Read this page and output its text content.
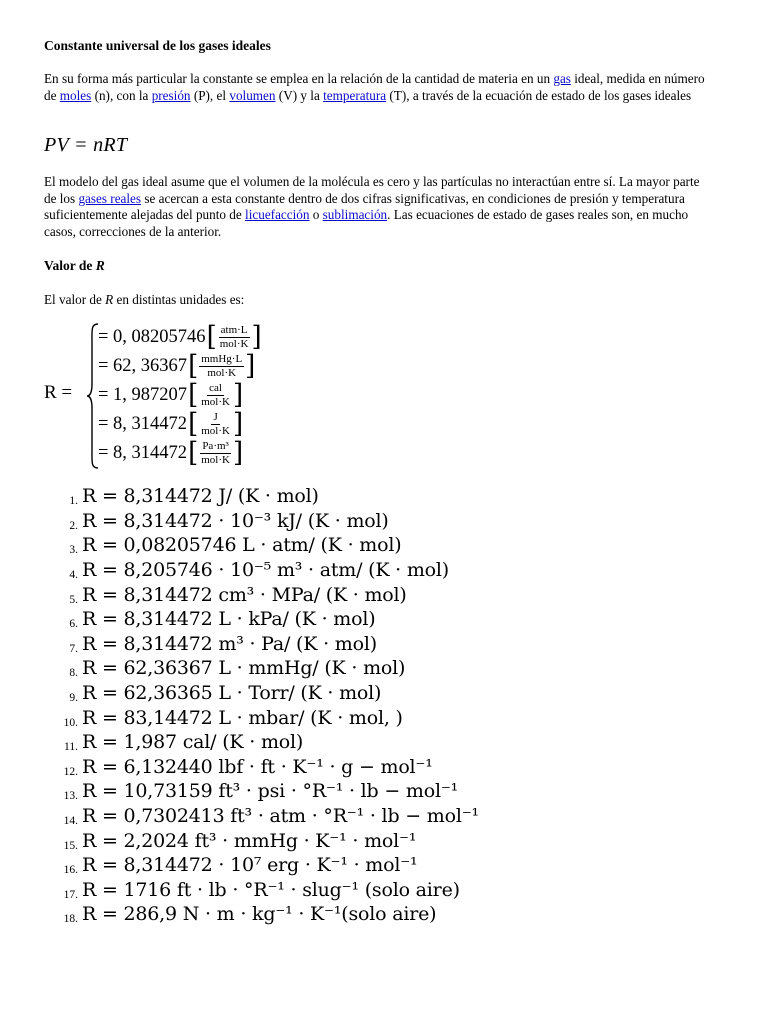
Constante universal de los gases ideales
En su forma más particular la constante se emplea en la relación de la cantidad de materia en un gas ideal, medida en número de moles (n), con la presión (P), el volumen (V) y la temperatura (T), a través de la ecuación de estado de los gases ideales
PV = nRT
El modelo del gas ideal asume que el volumen de la molécula es cero y las partículas no interactúan entre sí. La mayor parte de los gases reales se acercan a esta constante dentro de dos cifras significativas, en condiciones de presión y temperatura suficientemente alejadas del punto de licuefacción o sublimación. Las ecuaciones de estado de gases reales son, en mucho casos, correcciones de la anterior.
Valor de R
El valor de R en distintas unidades es:
R =
= 0, 08205746 [ $\frac{\text{atm·L}}{\text{mol·K}}$ ]
= 62, 36367 [ $\frac{\text{mmHg·L}}{\text{mol·K}}$ ]
= 1, 987207 [ $\frac{\text{cal}}{\text{mol·K}}$ ]
= 8, 314472 [ $\frac{J}{\text{mol·K}}$ ]
= 8, 314472 [ $\frac{\text{Pa·m³}}{\text{mol·K}}$ ]
1. R = 8,314472 J/ (K · mol)
2. R = 8,314472 · 10⁻³ kJ/ (K · mol)
3. R = 0,08205746 L · atm/ (K · mol)
4. R = 8,205746 · 10⁻⁵ m³ · atm/ (K · mol)
5. R = 8,314472 cm³ · MPa/ (K · mol)
6. R = 8,314472 L · kPa/ (K · mol)
7. R = 8,314472 m³ · Pa/ (K · mol)
8. R = 62,36367 L · mmHg/ (K · mol)
9. R = 62,36365 L · Torr/ (K · mol)
10. R = 83,14472 L · mbar/ (K · mol, )
11. R = 1,987 cal/ (K · mol)
12. R = 6,132440 lbf · ft · K⁻¹ · g − mol⁻¹
13. R = 10,73159 ft³ · psi · °R⁻¹ · lb − mol⁻¹
14. R = 0,7302413 ft³ · atm · °R⁻¹ · lb − mol⁻¹
15. R = 2,2024 ft³ · mmHg · K⁻¹ · mol⁻¹
16. R = 8,314472 · 10⁷ erg · K⁻¹ · mol⁻¹
17. R = 1716 ft · lb · °R⁻¹ · slug⁻¹ (solo aire)
18. R = 286,9 N · m · kg⁻¹ · K⁻¹(solo aire)
